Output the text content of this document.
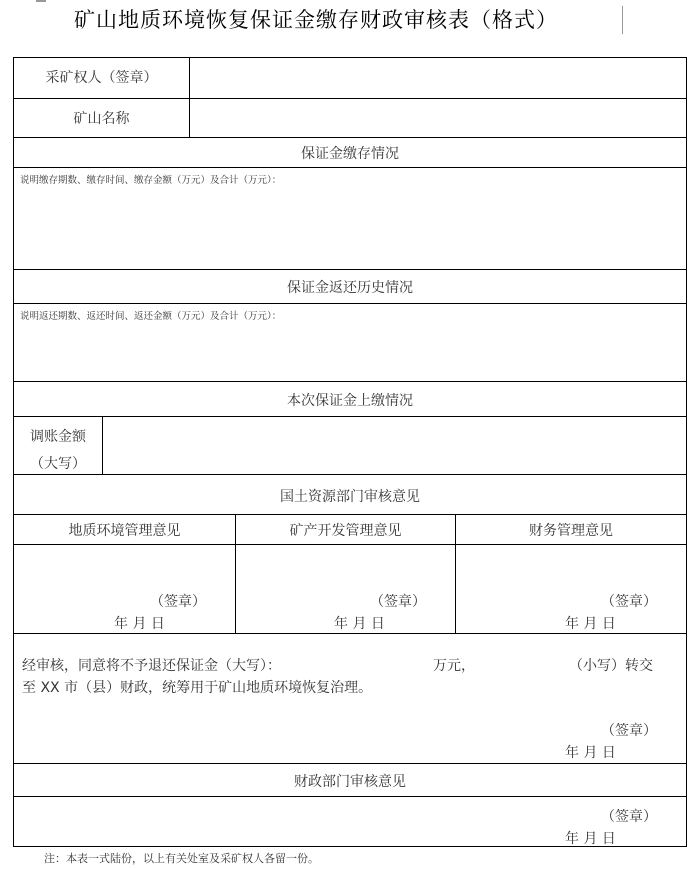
矿山地质环境恢复保证金缴存财政审核表（格式）
采矿权人（签章）
矿山名称
保证金缴存情况
说明缴存期数、缴存时间、缴存金额（万元）及合计（万元）：
保证金返还历史情况
说明返还期数、返还时间、返还金额（万元）及合计（万元）：
本次保证金上缴情况
调账金额
（大写）
国土资源部门审核意见
地质环境管理意见	矿产开发管理意见	财务管理意见
（签章）
年 月 日
（签章）
年 月 日
（签章）
年 月 日
经审核，同意将不予退还保证金（大写）：	万元，	（小写）转交
至 XX 市（县）财政，统筹用于矿山地质环境恢复治理。
（签章）
年 月 日
财政部门审核意见
（签章）
年 月 日
注：本表一式陆份，以上有关处室及采矿权人各留一份。
